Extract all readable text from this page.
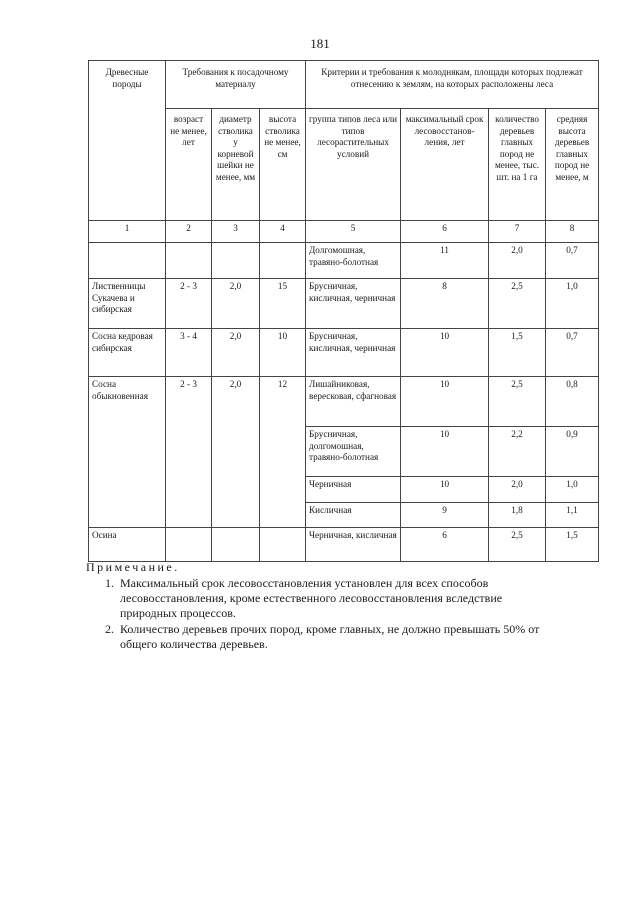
181
Древесные породы	Требования к посадочному материалу			Критерии и требования к молоднякам, площади которых подлежат отнесению к землям, на которых расположены леса			
	возраст не менее, лет	диаметр стволика у корневой шейки не менее, мм	высота стволика не менее, см	группа типов леса или типов лесорастительных условий	максимальный срок лесовосстанов-ления, лет	количество деревьев главных пород не менее, тыс. шт. на 1 га	средняя высота деревьев главных пород не менее, м
1	2	3	4	5	6	7	8
				Долгомошная, травяно-болотная	11	2,0	0,7
Лиственницы Сукачева и сибирская	2 - 3	2,0	15	Брусничная, кисличная, черничная	8	2,5	1,0
Сосна кедровая сибирская	3 - 4	2,0	10	Брусничная, кисличная, черничная	10	1,5	0,7
Сосна обыкновенная	2 - 3	2,0	12	Лишайниковая, вересковая, сфагновая	10	2,5	0,8
				Брусничная, долгомошная, травяно-болотная	10	2,2	0,9
				Черничная	10	2,0	1,0
				Кисличная	9	1,8	1,1
Осина				Черничная, кисличная	6	2,5	1,5
Примечание.
1. Максимальный срок лесовосстановления установлен для всех способов лесовосстановления, кроме естественного лесовосстановления вследствие природных процессов.
2. Количество деревьев прочих пород, кроме главных, не должно превышать 50% от общего количества деревьев.
